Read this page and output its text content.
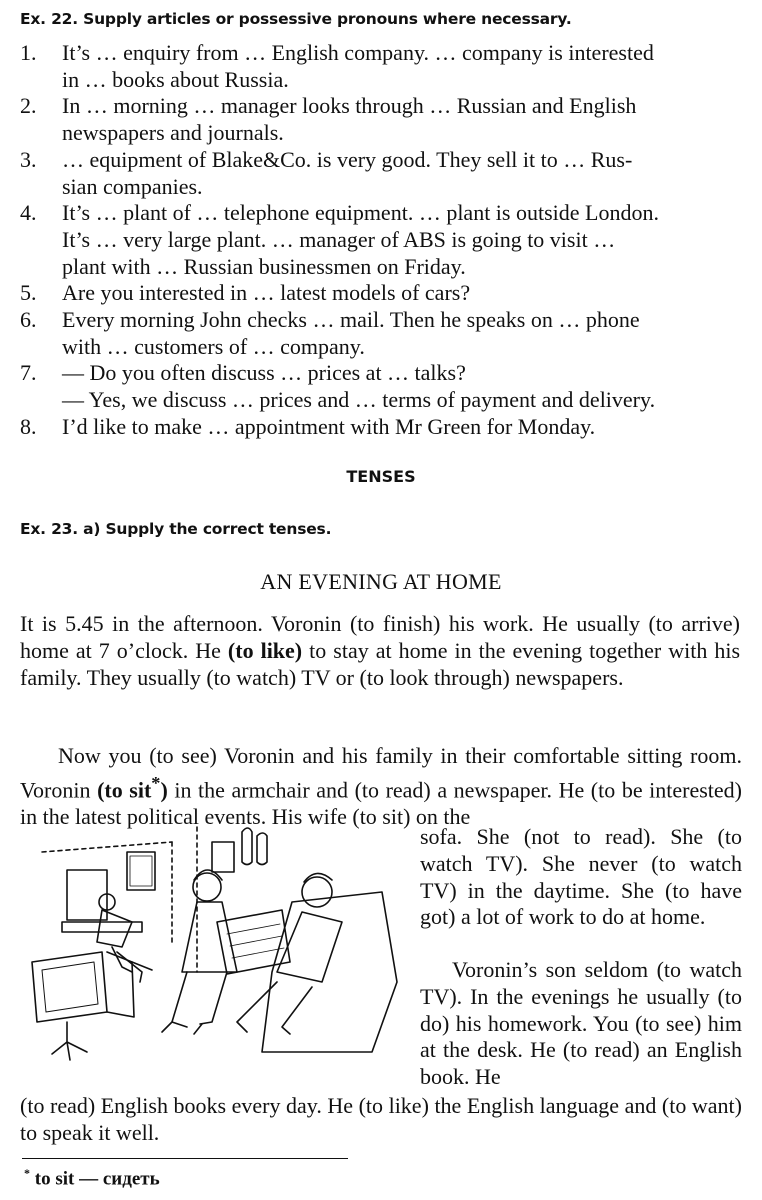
Ex. 22. Supply articles or possessive pronouns where necessary.
1. It’s … enquiry from … English company. … company is interested
in … books about Russia.
2. In … morning … manager looks through … Russian and English
newspapers and journals.
3. … equipment of Blake&Co. is very good. They sell it to … Rus-
sian companies.
4. It’s … plant of … telephone equipment. … plant is outside London.
It’s … very large plant. … manager of ABS is going to visit …
plant with … Russian businessmen on Friday.
5. Are you interested in … latest models of cars?
6. Every morning John checks … mail. Then he speaks on … phone
with … customers of … company.
7. — Do you often discuss … prices at … talks?
— Yes, we discuss … prices and … terms of payment and delivery.
8. I’d like to make … appointment with Mr Green for Monday.
TENSES
Ex. 23. a) Supply the correct tenses.
AN EVENING AT HOME
It is 5.45 in the afternoon. Voronin (to finish) his work. He usually (to arrive) home at 7 o’clock. He (to like) to stay at home in the evening together with his family. They usually (to watch) TV or (to look through) newspapers.
Now you (to see) Voronin and his family in their comfortable sitting room. Voronin (to sit*) in the armchair and (to read) a newspaper. He (to be interested) in the latest political events. His wife (to sit) on the
sofa. She (not to read). She (to watch TV). She never (to watch TV) in the daytime. She (to have got) a lot of work to do at home.
Voronin’s son seldom (to watch TV). In the evenings he usually (to do) his homework. You (to see) him at the desk. He (to read) an English book. He
(to read) English books every day. He (to like) the English language and (to want) to speak it well.
* to sit — сидеть
